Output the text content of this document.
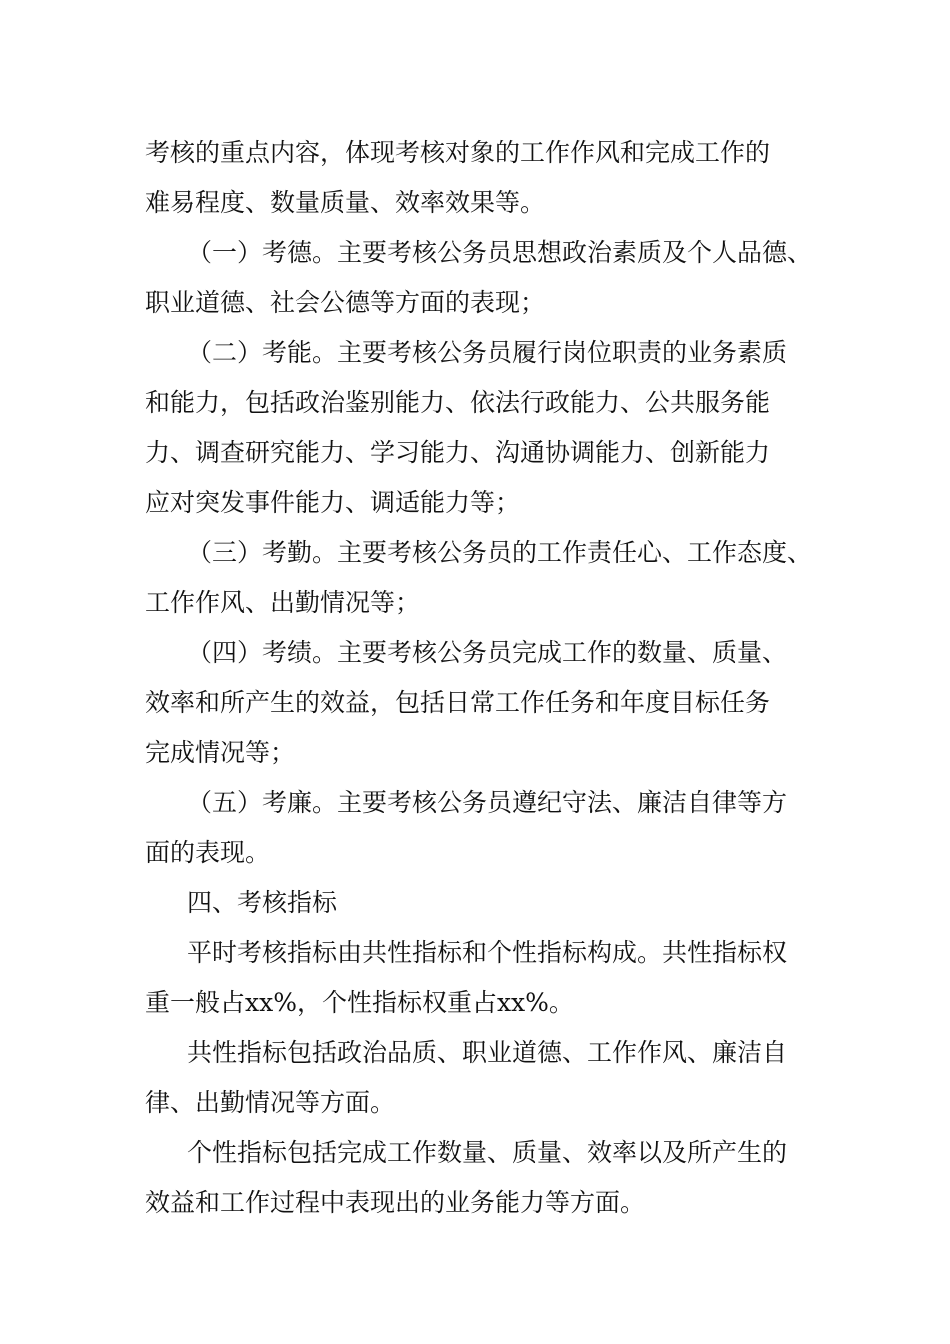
考核的重点内容，体现考核对象的工作作风和完成工作的
难易程度、数量质量、效率效果等。
（一）考德。主要考核公务员思想政治素质及个人品德、
职业道德、社会公德等方面的表现；
（二）考能。主要考核公务员履行岗位职责的业务素质
和能力，包括政治鉴别能力、依法行政能力、公共服务能
力、调查研究能力、学习能力、沟通协调能力、创新能力
应对突发事件能力、调适能力等；
（三）考勤。主要考核公务员的工作责任心、工作态度、
工作作风、出勤情况等；
（四）考绩。主要考核公务员完成工作的数量、质量、
效率和所产生的效益，包括日常工作任务和年度目标任务
完成情况等；
（五）考廉。主要考核公务员遵纪守法、廉洁自律等方
面的表现。
四、考核指标
平时考核指标由共性指标和个性指标构成。共性指标权
重一般占xx%，个性指标权重占xx%。
共性指标包括政治品质、职业道德、工作作风、廉洁自
律、出勤情况等方面。
个性指标包括完成工作数量、质量、效率以及所产生的
效益和工作过程中表现出的业务能力等方面。
